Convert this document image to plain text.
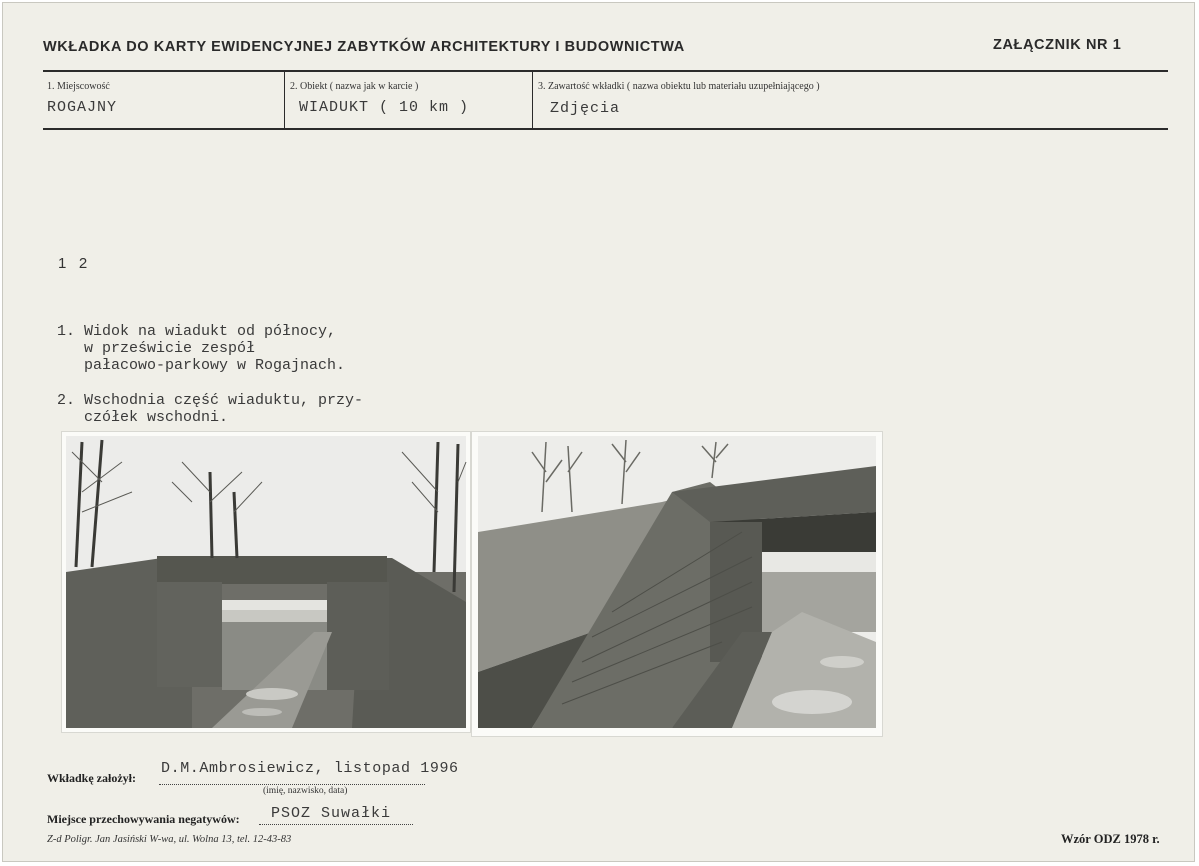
WKŁADKA DO KARTY EWIDENCYJNEJ ZABYTKÓW ARCHITEKTURY I BUDOWNICTWA	ZAŁĄCZNIK NR 1
1. Miejscowość
ROGAJNY
2. Obiekt ( nazwa jak w karcie )
WIADUKT ( 10 km )
3. Zawartość wkładki ( nazwa obiektu lub materiału uzupełniającego )
Zdjęcia
1   2
1. Widok na wiadukt od północy,
w prześwicie zespół
pałacowo-parkowy w Rogajnach.
2. Wschodnia część wiaduktu, przy-
czółek wschodni.
Wkładkę założył:
D.M.Ambrosiewicz, listopad 1996
(imię, nazwisko, data)
Miejsce przechowywania negatywów: PSOZ Suwałki
Z-d Poligr. Jan Jasiński W-wa, ul. Wolna 13, tel. 12-43-83	Wzór ODZ 1978 r.
